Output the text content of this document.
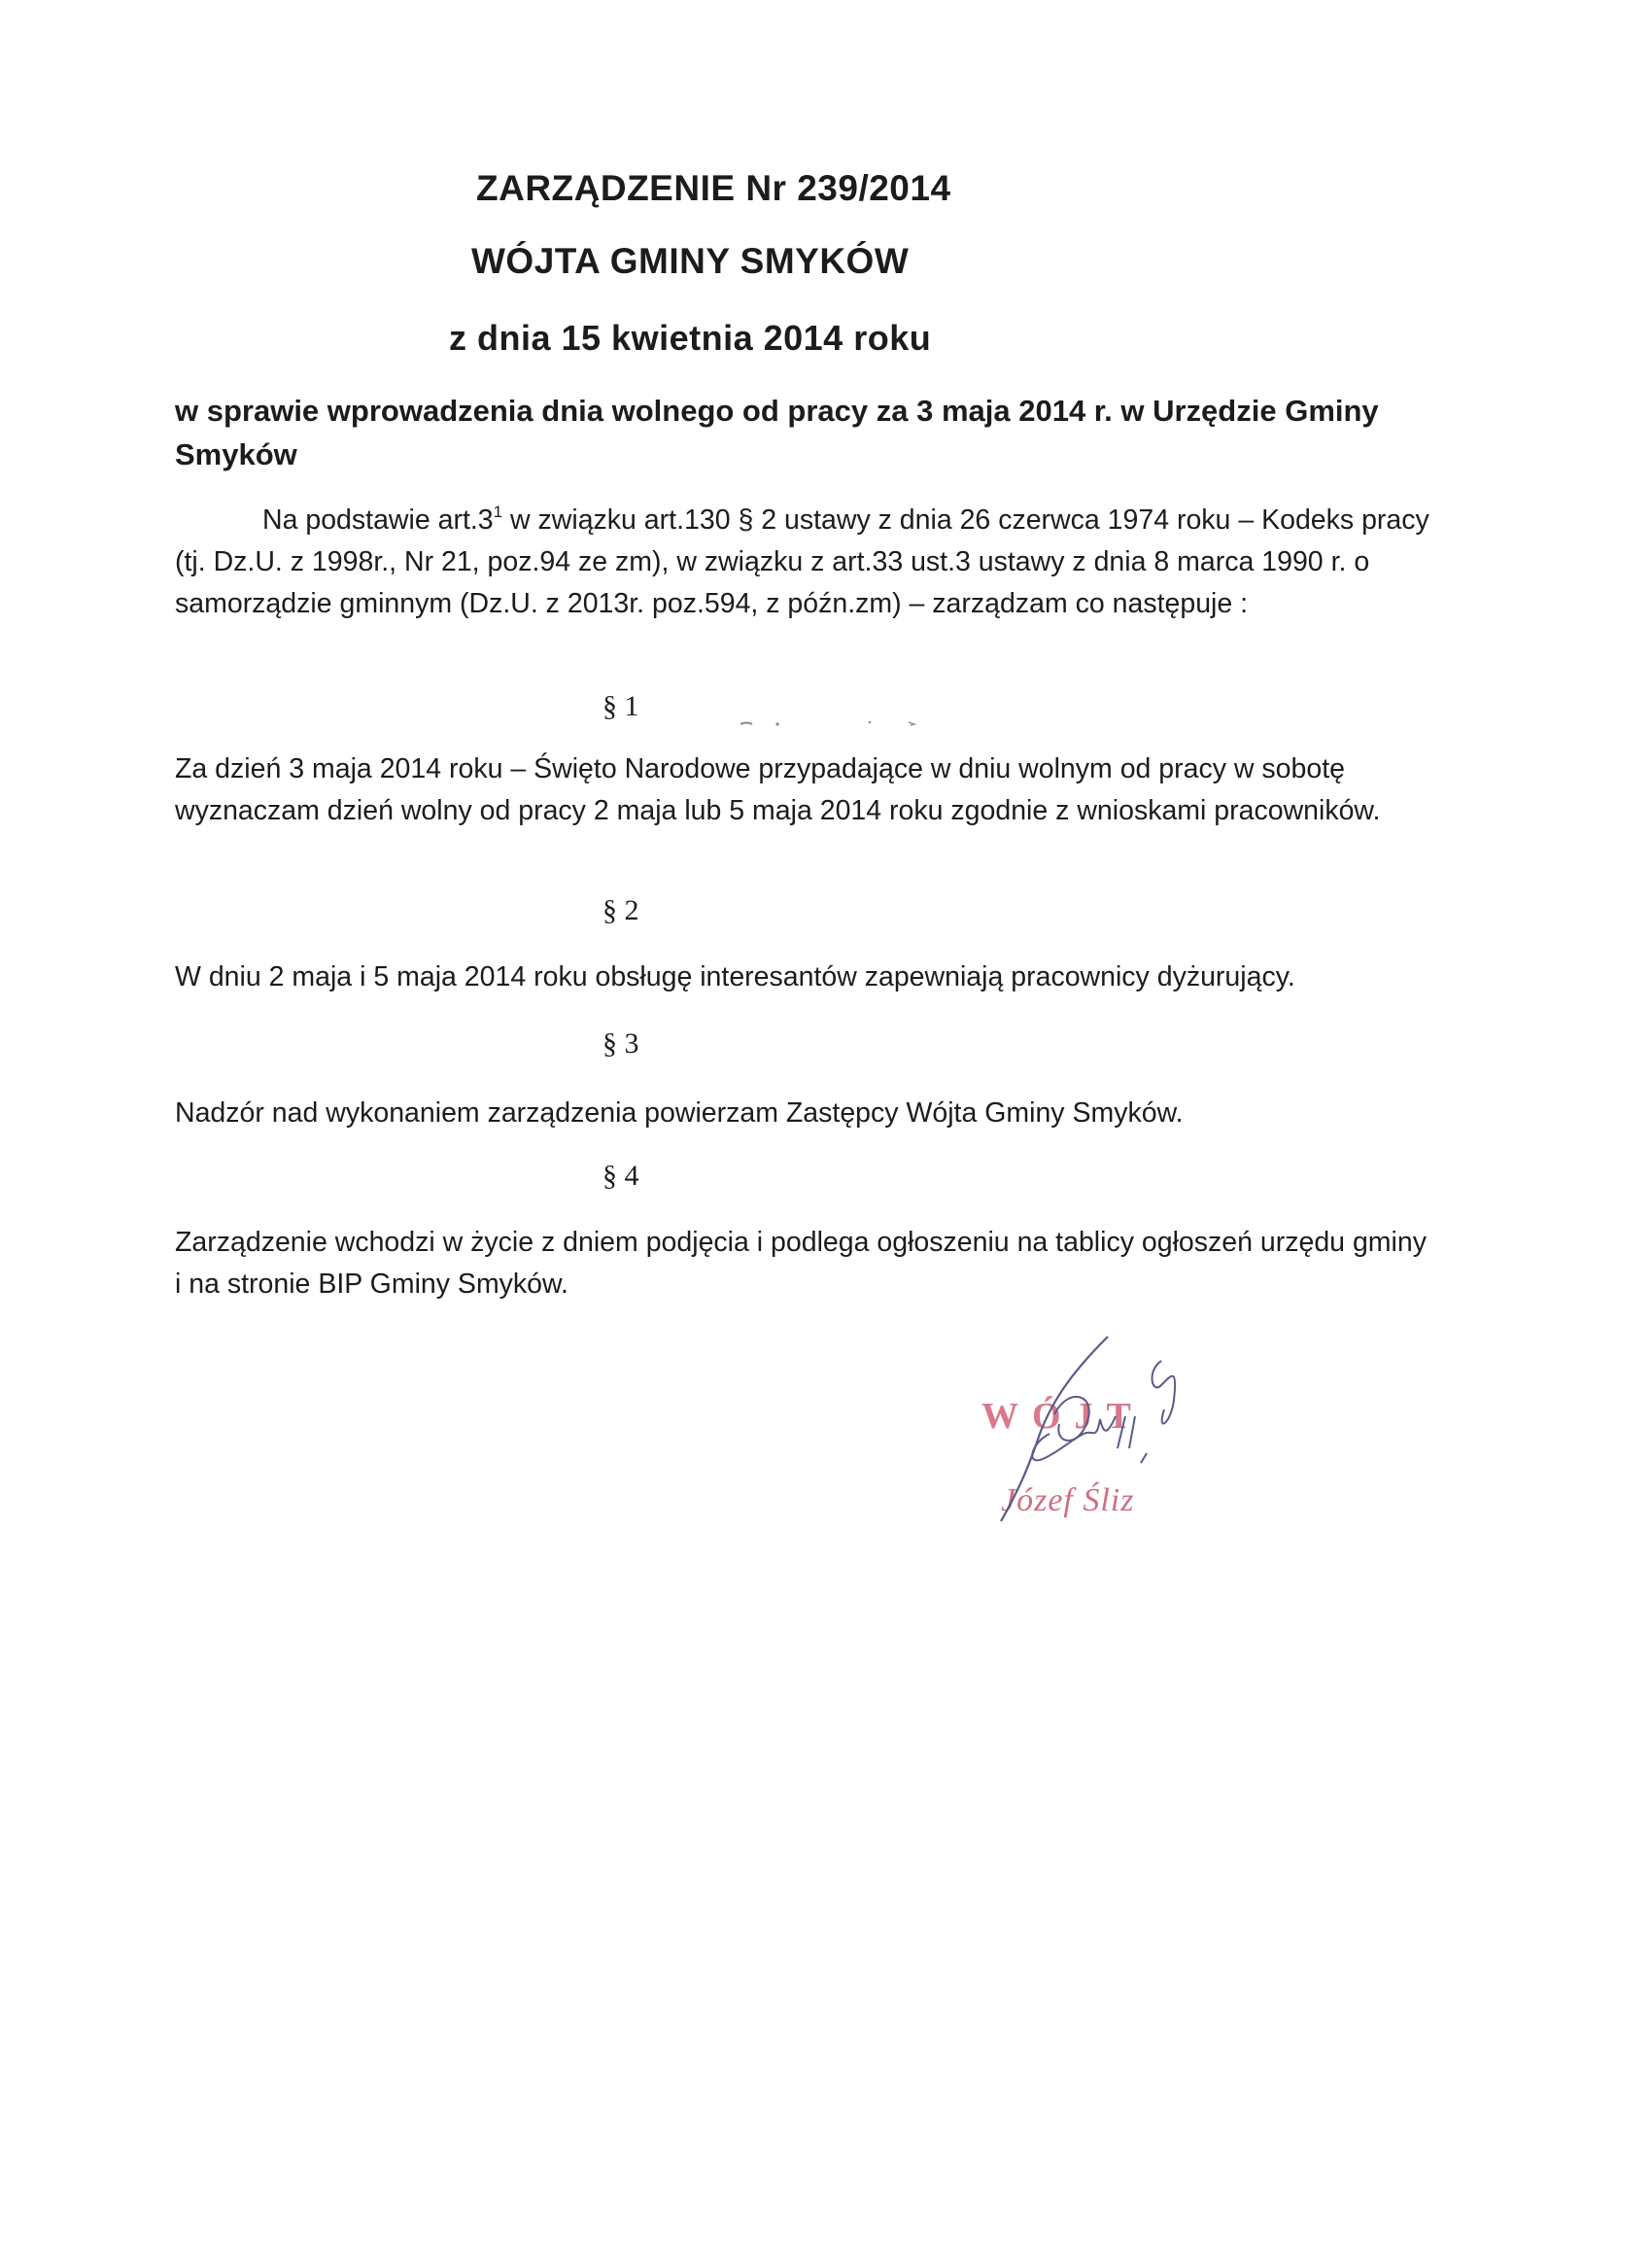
ZARZĄDZENIE Nr 239/2014
WÓJTA GMINY SMYKÓW
z dnia 15 kwietnia 2014 roku
w sprawie wprowadzenia dnia wolnego od pracy za 3 maja 2014 r. w Urzędzie Gminy Smyków
Na podstawie $art.3^1$ w związku art.130 § 2 ustawy z dnia 26 czerwca 1974 roku – Kodeks pracy (tj. Dz.U. z 1998r., Nr 21, poz.94 ze zm), w związku z art.33 ust.3 ustawy z dnia 8 marca 1990 r. o samorządzie gminnym (Dz.U. z 2013r. poz.594, z późn.zm) – zarządzam co następuje :
§ 1
Za dzień 3 maja 2014 roku – Święto Narodowe przypadające w dniu wolnym od pracy w sobotę wyznaczam dzień wolny od pracy 2 maja lub 5 maja 2014 roku zgodnie z wnioskami pracowników.
§ 2
W dniu 2 maja i 5 maja 2014 roku obsługę interesantów zapewniają pracownicy dyżurujący.
§ 3
Nadzór nad wykonaniem zarządzenia powierzam Zastępcy Wójta Gminy Smyków.
§ 4
Zarządzenie wchodzi w życie z dniem podjęcia i podlega ogłoszeniu na tablicy ogłoszeń urzędu gminy i na stronie BIP Gminy Smyków.
WÓJT
Józef Śliz
